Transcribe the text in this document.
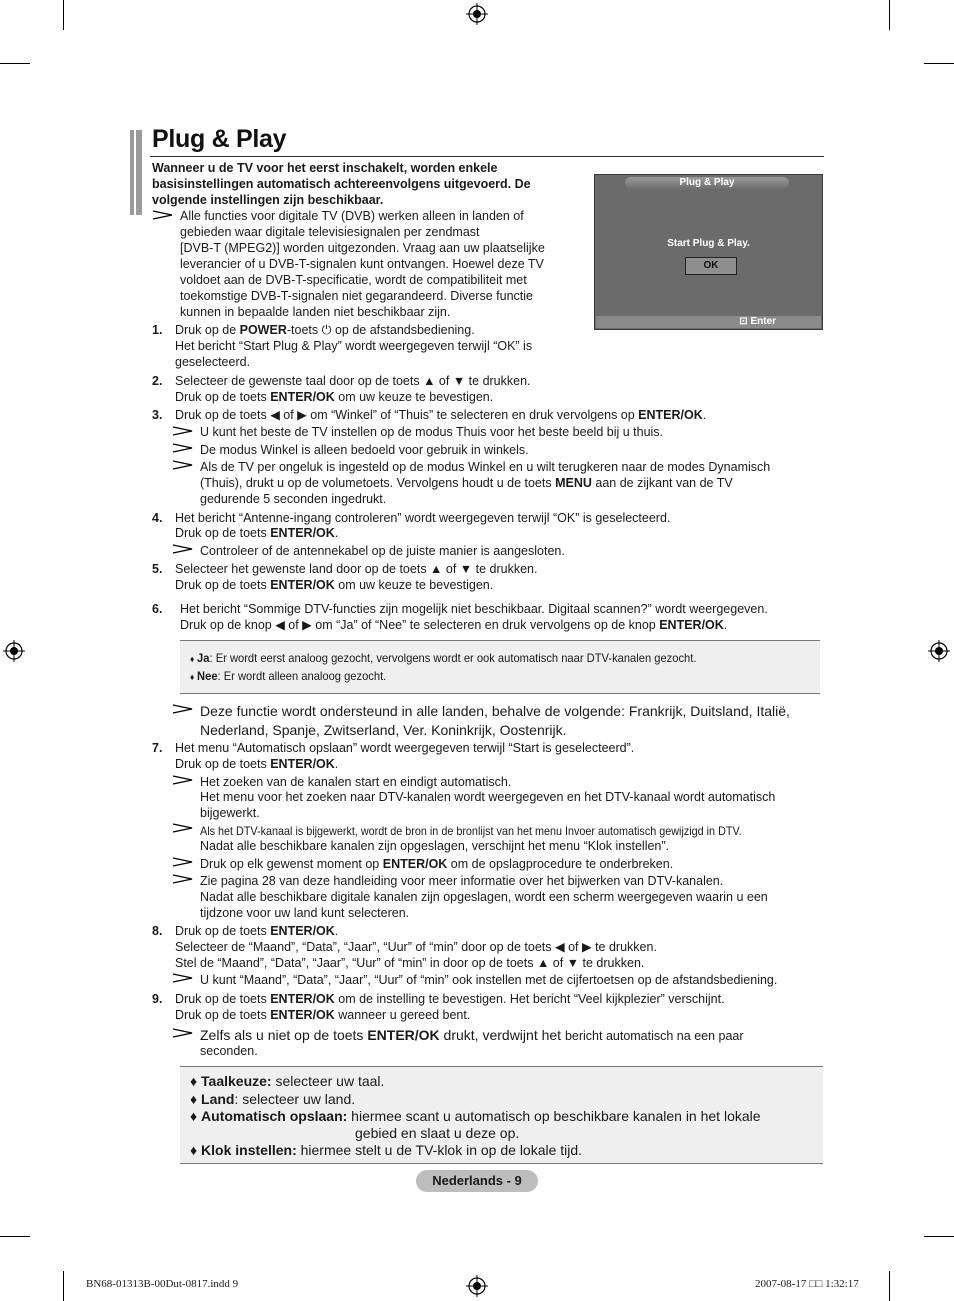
Plug & Play
Wanneer u de TV voor het eerst inschakelt, worden enkele basisinstellingen automatisch achtereenvolgens uitgevoerd. De volgende instellingen zijn beschikbaar.
Alle functies voor digitale TV (DVB) werken alleen in landen of
gebieden waar digitale televisiesignalen per zendmast
[DVB-T (MPEG2)] worden uitgezonden. Vraag aan uw plaatselijke
leverancier of u DVB-T-signalen kunt ontvangen. Hoewel deze TV
voldoet aan de DVB-T-specificatie, wordt de compatibiliteit met
toekomstige DVB-T-signalen niet gegarandeerd. Diverse functie
kunnen in bepaalde landen niet beschikbaar zijn.
Plug & Play
Start Plug & Play.
OK
⊡ Enter
1. Druk op de POWER-toets ⏻ op de afstandsbediening.
Het bericht “Start Plug & Play” wordt weergegeven terwijl “OK” is
geselecteerd.
2. Selecteer de gewenste taal door op de toets ▲ of ▼ te drukken.
Druk op de toets ENTER/OK om uw keuze te bevestigen.
3. Druk op de toets ◀ of ▶ om “Winkel” of “Thuis” te selecteren en druk vervolgens op ENTER/OK.
U kunt het beste de TV instellen op de modus Thuis voor het beste beeld bij u thuis.
De modus Winkel is alleen bedoeld voor gebruik in winkels.
Als de TV per ongeluk is ingesteld op de modus Winkel en u wilt terugkeren naar de modes Dynamisch
(Thuis), drukt u op de volumetoets. Vervolgens houdt u de toets MENU aan de zijkant van de TV
gedurende 5 seconden ingedrukt.
4. Het bericht “Antenne-ingang controleren” wordt weergegeven terwijl “OK” is geselecteerd.
Druk op de toets ENTER/OK.
Controleer of de antennekabel op de juiste manier is aangesloten.
5. Selecteer het gewenste land door op de toets ▲ of ▼ te drukken.
Druk op de toets ENTER/OK om uw keuze te bevestigen.
6. Het bericht “Sommige DTV-functies zijn mogelijk niet beschikbaar. Digitaal scannen?” wordt weergegeven.
Druk op de knop ◀ of ▶ om “Ja” of “Nee” te selecteren en druk vervolgens op de knop ENTER/OK.
♦ Ja: Er wordt eerst analoog gezocht, vervolgens wordt er ook automatisch naar DTV-kanalen gezocht.
♦ Nee: Er wordt alleen analoog gezocht.
Deze functie wordt ondersteund in alle landen, behalve de volgende: Frankrijk, Duitsland, Italië,
Nederland, Spanje, Zwitserland, Ver. Koninkrijk, Oostenrijk.
7. Het menu “Automatisch opslaan” wordt weergegeven terwijl “Start is geselecteerd”.
Druk op de toets ENTER/OK.
Het zoeken van de kanalen start en eindigt automatisch.
Het menu voor het zoeken naar DTV-kanalen wordt weergegeven en het DTV-kanaal wordt automatisch
bijgewerkt.
Als het DTV-kanaal is bijgewerkt, wordt de bron in de bronlijst van het menu Invoer automatisch gewijzigd in DTV.
Nadat alle beschikbare kanalen zijn opgeslagen, verschijnt het menu “Klok instellen”.
Druk op elk gewenst moment op ENTER/OK om de opslagprocedure te onderbreken.
Zie pagina 28 van deze handleiding voor meer informatie over het bijwerken van DTV-kanalen.
Nadat alle beschikbare digitale kanalen zijn opgeslagen, wordt een scherm weergegeven waarin u een
tijdzone voor uw land kunt selecteren.
8. Druk op de toets ENTER/OK.
Selecteer de “Maand”, “Data”, “Jaar”, “Uur” of “min” door op de toets ◀ of ▶ te drukken.
Stel de “Maand”, “Data”, “Jaar”, “Uur” of “min” in door op de toets ▲ of ▼ te drukken.
U kunt “Maand”, “Data”, “Jaar”, “Uur” of “min” ook instellen met de cijfertoetsen op de afstandsbediening.
9. Druk op de toets ENTER/OK om de instelling te bevestigen. Het bericht “Veel kijkplezier” verschijnt.
Druk op de toets ENTER/OK wanneer u gereed bent.
Zelfs als u niet op de toets ENTER/OK drukt, verdwijnt het bericht automatisch na een paar
seconden.
♦ Taalkeuze: selecteer uw taal.
♦ Land: selecteer uw land.
♦ Automatisch opslaan: hiermee scant u automatisch op beschikbare kanalen in het lokale
gebied en slaat u deze op.
♦ Klok instellen: hiermee stelt u de TV-klok in op de lokale tijd.
Nederlands - 9
BN68-01313B-00Dut-0817.indd 9	2007-08-17 □□ 1:32:17
